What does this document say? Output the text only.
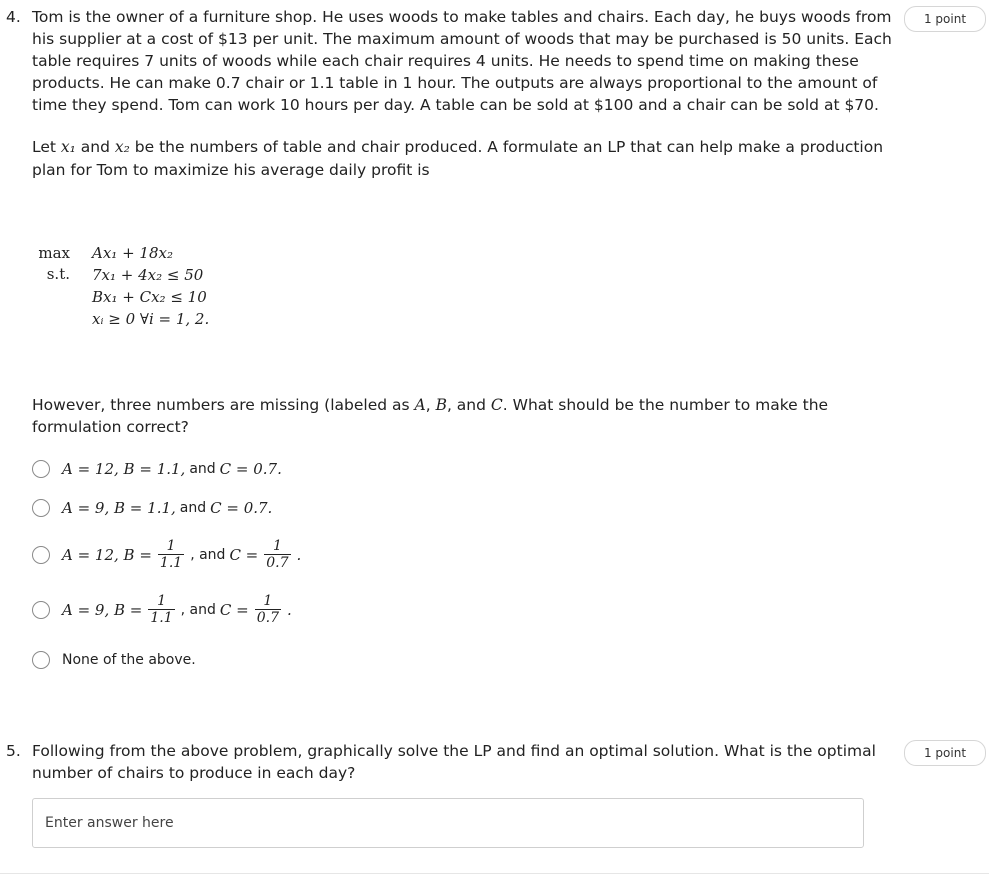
4.	1 point
Tom is the owner of a furniture shop. He uses woods to make tables and chairs. Each day, he buys woods from
his supplier at a cost of $13 per unit. The maximum amount of woods that may be purchased is 50 units. Each
table requires 7 units of woods while each chair requires 4 units. He needs to spend time on making these
products. He can make 0.7 chair or 1.1 table in 1 hour. The outputs are always proportional to the amount of
time they spend. Tom can work 10 hours per day. A table can be sold at $100 and a chair can be sold at $70.
Let x₁ and x₂ be the numbers of table and chair produced. A formulate an LP that can help make a production
plan for Tom to maximize his average daily profit is
max
s.t.
Ax₁ + 18x₂
7x₁ + 4x₂ ≤ 50
Bx₁ + Cx₂ ≤ 10
xᵢ ≥ 0 ∀i = 1, 2.
However, three numbers are missing (labeled as A, B, and C. What should be the number to make the
formulation correct?
A = 12, B = 1.1, and C = 0.7.
A = 9, B = 1.1, and C = 0.7.
A = 12, $B = \frac{1}{1.1}$ , and $C = \frac{1}{0.7}$ .
A = 9, $B = \frac{1}{1.1}$ , and $C = \frac{1}{0.7}$ .
None of the above.
5.	1 point
Following from the above problem, graphically solve the LP and find an optimal solution. What is the optimal
number of chairs to produce in each day?
Enter answer here
